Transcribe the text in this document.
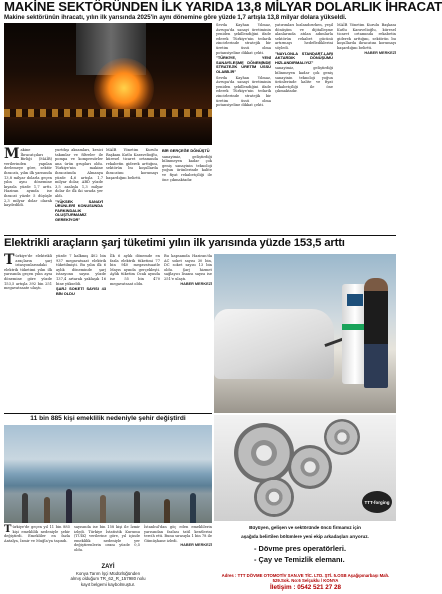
MAKİNE SEKTÖRÜNDEN İLK YARIDA 13,8 MİLYAR DOLARLIK İHRACAT
Makine sektörünün ihracatı, yılın ilk yarısında 2025'in aynı dönemine göre yüzde 1,7 artışla 13,8 milyar dolara yükseldi.
Makine İhracatçıları Birliği (MAİB) verilerinden yapılan derlemeye göre, sektör ihracatı, yılın ilk yarısında 13,8 milyar dolarla geçen yılın aynı dönemine kıyasla yüzde 1,7 arttı. Haziran ayında ise ihracat yüzde 5 düşüşle 2,3 milyar dolar olarak kaydedildi.
yurtdışı aksamları, kesici takımlar ve filtreler ile pompa ve kompresörler ana ürün grupları oldu. Türkiye'nin makine ihracatında Almanya yüzde 4,6 artışla 1,7 milyar dolar, ABD yüzde 3,5 azalışla 1,3 milyar dolar ile ilk iki sırada yer aldı.
"YÜKSEK SANAYİ ÜRÜNLERİ KONUSUNDA FARKINDALIK OLUŞTURMAMIZ GEREKİYOR"
MAİB Yönetim Kurulu Başkanı Kutlu Karavelioğlu, küresel ticaret ortamında rekabetin giderek arttığını, sektörün bu koşullarda ihracatını korumayı başardığını belirtti.
BİR GERÇEĞE DÖNÜŞTÜ
sanayimiz, geliştirdiği bilinmeyen kadar çok geniş sanayinin teknoloji yoğun ürünlerinde kalite ve fiyat rekabetçiliği ile öne çıkmaktadır.
Sevda Kayhan Yılmaz, Avrupa'da sanayi üretiminin yeniden şekillendiğini ifade ederek Türkiye'nin tedarik zincirlerinde stratejik bir üretim üssü olma potansiyeline dikkat çekti.
"TÜRKİYE, YENİ SANAYİLEŞME DÖNEMİNDE STRATEJİK ÜRETİM ÜSSÜ OLABİLİR"
Sevda Kayhan Yılmaz, Avrupa'da sanayi üretiminin yeniden şekillendiğini ifade ederek Türkiye'nin tedarik zincirlerinde stratejik bir üretim üssü olma potansiyeline dikkat çekti.
yatırımları hızlandırırken, yeşil dönüşüm ve dijitalleşme alanlarında atılan adımlarla sektörün rekabet gücünü artırmayı hedeflediklerini söyledi.
"NAYLONLA STANDART-LARI AKTARDIK DÖNÜŞÜMÜ HIZLANDIRMALIYIZ"
sanayimiz, geliştirdiği bilinmeyen kadar çok geniş sanayinin teknoloji yoğun ürünlerinde kalite ve fiyat rekabetçiliği ile öne çıkmaktadır.
MAİB Yönetim Kurulu Başkanı Kutlu Karavelioğlu, küresel ticaret ortamında rekabetin giderek arttığını, sektörün bu koşullarda ihracatını korumayı başardığını belirtti.
HABER MERKEZİ
Elektrikli araçların şarj tüketimi yılın ilk yarısında yüzde 153,5 arttı
Türkiye'de elektrikli araçların şarj istasyonlarındaki elektrik tüketimi yılın ilk yarısında geçen yılın aynı dönemine göre yüzde 153,5 artışla 392 bin 251 megavatsaate ulaştı.
yüzde 7 kalkmış 402 bin 937 megavatsaat elektrik tüketilmişti. Bu yılın ilk 6 aylık döneminde şarj istasyonu sayısı yüzde 137,4 artarak yaklaşık 16 bine yükseldi.
ŞARJ SOKETİ SAYISI 43 BİN OLDU
İlk 6 aylık dönemde en fazla elektrik tüketimi 77 bin 940 megavatsaatle Mayıs ayında gerçekleşti. Aylık tüketim Ocak ayında ise 55 bin 470 megavatsaat oldu.
Bu kapsamda Haziran'da AC soket sayısı 30 bin, DC soket sayısı 13 bin oldu. Şarj hizmet sağlayıcı lisansı sayısı ise 251'e ulaştı.
HABER MERKEZİ
11 bin 885 kişi emeklilik nedeniyle şehir değiştirdi
Türkiye'de geçen yıl 11 bin 885 kişi emeklilik nedeniyle şehir değiştirdi. Emekliler en fazla Antalya, İzmir ve Muğla'ya taşındı.
sayısında ise bin 158 kişi ile İzmir izledi. Türkiye İstatistik Kurumu (TÜİK) verilerine göre, yıl içinde emeklilik nedeniyle yer değiştirenlerin oranı yüzde 0,5 oldu.
İstanbul'dan göç eden emeklilerin yarısından fazlası tatil kentlerini tercih etti. Bunu sırasıyla 1 bin 78 ile Gümüşhane izledi.
HABER MERKEZİ
ZAYİ
Konya Tarım İşçi Müdürlüğünden
almış olduğum TR_62_R_157980 nolu
kayıt belgemi kaybolmuştur.
TTT-forging
Büyüyen, gelişen ve sektöründe öncü firmamız için
aşağıda belirtilen bölümlere yeni ekip arkadaşları arıyoruz.
- Dövme pres operatörleri.
- Çay ve Temizlik elemanı.
Adres : TTT DÖVME OTOMOTİV SAN.VE TİC. LTD. ŞTİ. 5.OSB Aşağıpınarbaşı Mah. 529.Sok. No:6 Selçuklu / KONYA
İletişim : 0542 521 27 28
